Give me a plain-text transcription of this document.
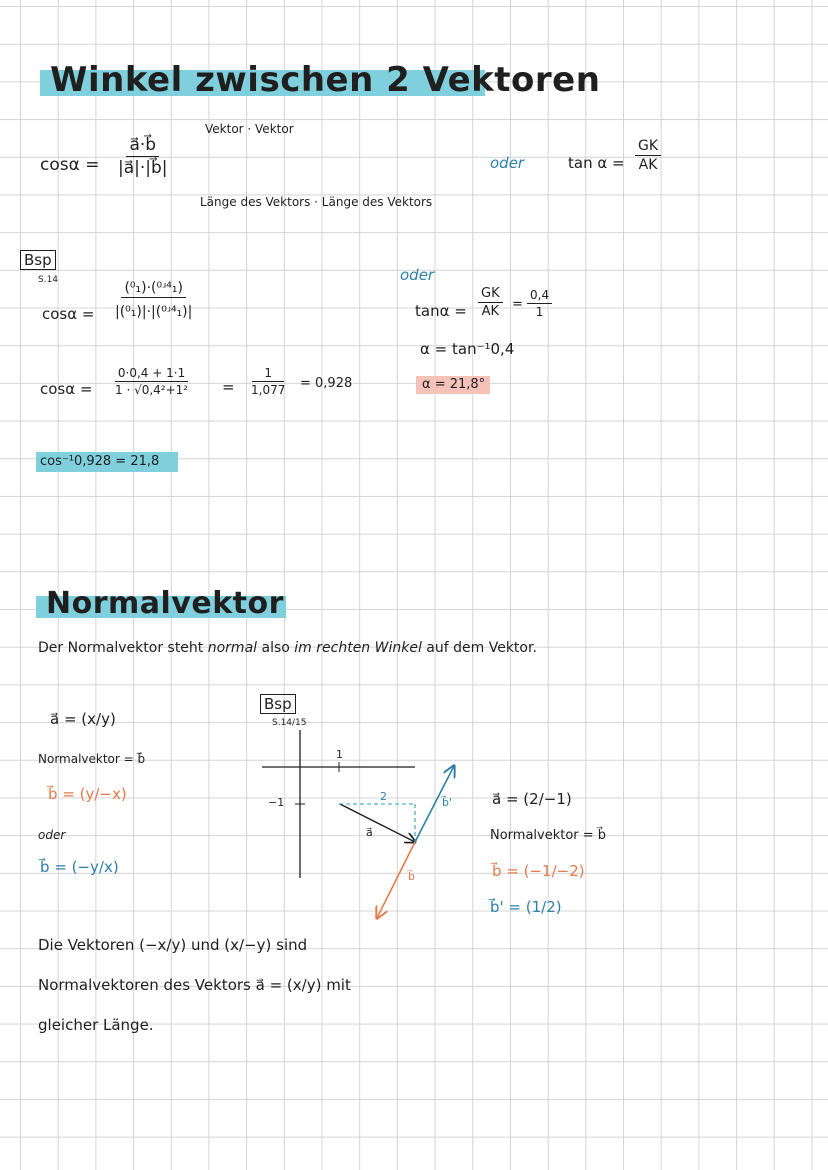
Winkel zwischen 2 Vektoren
$\cos\alpha = \frac{a⃗\cdot b⃗}{|a⃗|\cdot|b⃗|}$
Vektor · Vektor
Länge des Vektors · Länge des Vektors
oder	$\tan \alpha = \frac{GK}{AK}$
Bsp
S.14
$\cos\alpha = \frac{\text{(⁰₁)·(⁰ʴ⁴₁)}}{\text{|(⁰₁)|·|(⁰ʴ⁴₁)|}}$
$\cos\alpha = \frac{0\cdot 0,4 + 1\cdot 1}{\text{1 · √0,4²+1²}} = \frac{1}{1,077} = 0,928$
cos⁻¹0,928 = 21,8
oder
$\tan\alpha = \frac{GK}{AK} = \frac{0,4}{1}$
α = tan⁻¹0,4
α = 21,8°
Normalvektor
Der Normalvektor steht normal also im rechten Winkel auf dem Vektor.
a⃗ = (x/y)
Normalvektor = b⃗
b⃗ = (y/−x)
oder
b⃗ = (−y/x)
Bsp
S.14/15
1
−1	2
a⃗
b⃗
b⃗'	a⃗ = (2/−1)
Normalvektor = b⃗
b⃗ = (−1/−2)
b⃗' = (1/2)
Die Vektoren (−x/y) und (x/−y) sind
Normalvektoren des Vektors a⃗ = (x/y) mit
gleicher Länge.
